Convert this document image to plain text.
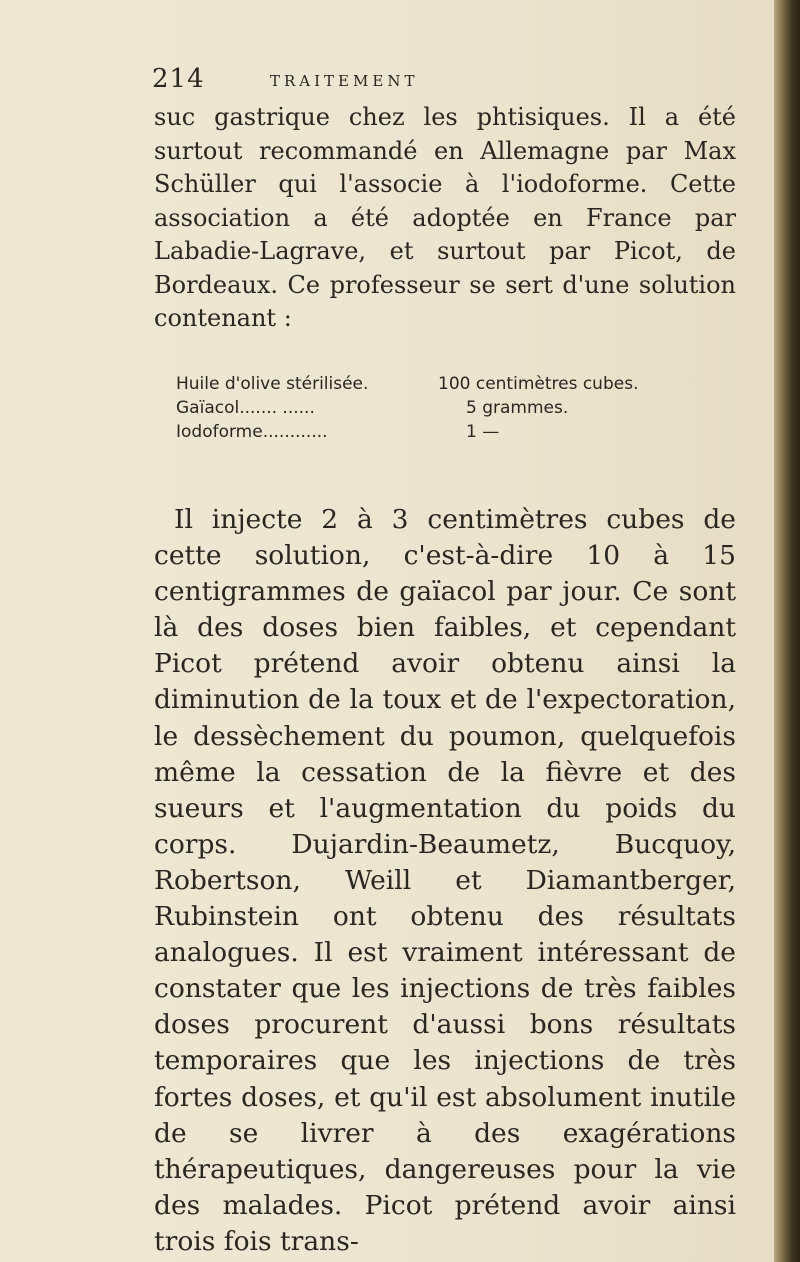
214	TRAITEMENT

suc gastrique chez les phtisiques. Il a été surtout recommandé en Allemagne par Max Schüller qui l'associe à l'iodoforme. Cette association a été adoptée en France par Labadie-Lagrave, et surtout par Picot, de Bordeaux. Ce professeur se sert d'une solution contenant :

Huile d'olive stérilisée.	100 centimètres cubes.
Gaïacol....... ......	5 grammes.
Iodoforme............	1 —

Il injecte 2 à 3 centimètres cubes de cette solution, c'est-à-dire 10 à 15 centigrammes de gaïacol par jour. Ce sont là des doses bien faibles, et cependant Picot prétend avoir obtenu ainsi la diminution de la toux et de l'expectoration, le dessèchement du poumon, quelquefois même la cessation de la fièvre et des sueurs et l'augmentation du poids du corps. Dujardin-Beaumetz, Bucquoy, Robertson, Weill et Diamantberger, Rubinstein ont obtenu des résultats analogues. Il est vraiment intéressant de constater que les injections de très faibles doses procurent d'aussi bons résultats temporaires que les injections de très fortes doses, et qu'il est absolument inutile de se livrer à des exagérations thérapeutiques, dangereuses pour la vie des malades. Picot prétend avoir ainsi trois fois trans-
